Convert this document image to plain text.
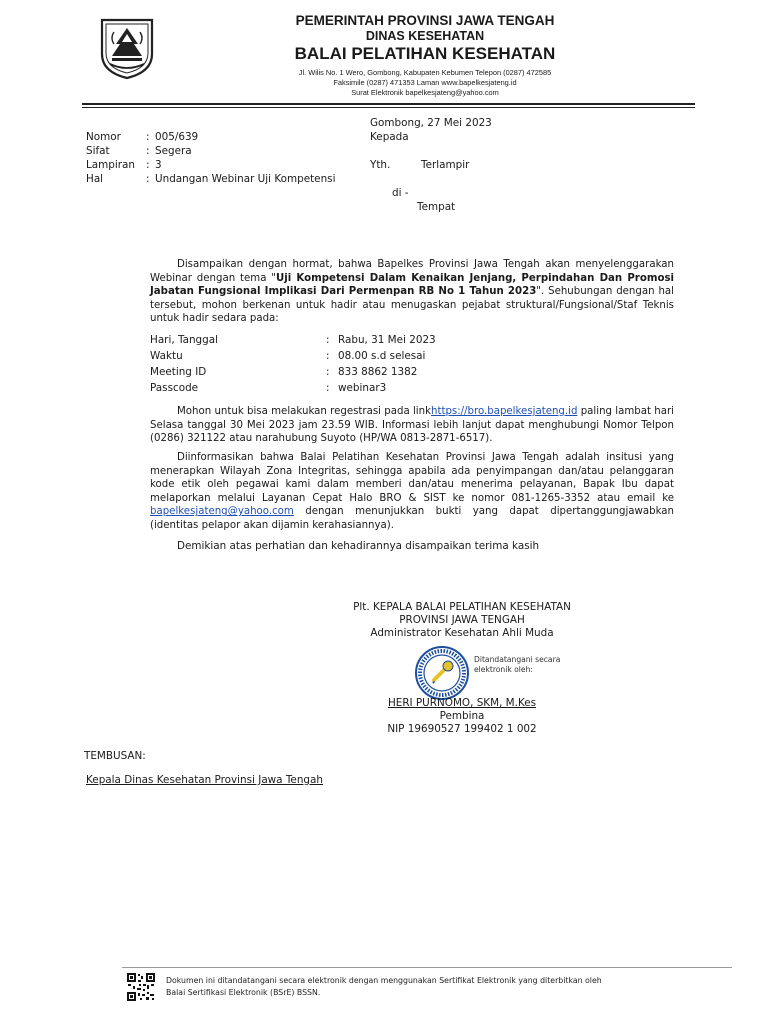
PEMERINTAH PROVINSI JAWA TENGAH
DINAS KESEHATAN
BALAI PELATIHAN KESEHATAN
Jl. Wilis No. 1 Wero, Gombong, Kabupaten Kebumen Telepon (0287) 472585
Faksimile (0287) 471353 Laman www.bapelkesjateng.id
Surat Elektronik bapelkesjateng@yahoo.com
Gombong, 27 Mei 2023
Kepada
Yth.	Terlampir
di -
Tempat
Nomor : 005/639
Sifat	: Segera
Lampiran : 3
Hal	: Undangan Webinar Uji Kompetensi
Disampaikan dengan hormat, bahwa Bapelkes Provinsi Jawa Tengah akan menyelenggarakan Webinar dengan tema "Uji Kompetensi Dalam Kenaikan Jenjang, Perpindahan Dan Promosi Jabatan Fungsional Implikasi Dari Permenpan RB No 1 Tahun 2023". Sehubungan dengan hal tersebut, mohon berkenan untuk hadir atau menugaskan pejabat struktural/Fungsional/Staf Teknis untuk hadir sedara pada:
Hari, Tanggal	: Rabu, 31 Mei 2023
Waktu	: 08.00 s.d selesai
Meeting ID	: 833 8862 1382
Passcode	: webinar3
Mohon untuk bisa melakukan regestrasi pada linkhttps://bro.bapelkesjateng.id paling lambat hari Selasa tanggal 30 Mei 2023 jam 23.59 WIB. Informasi lebih lanjut dapat menghubungi Nomor Telpon (0286) 321122 atau narahubung Suyoto (HP/WA 0813-2871-6517).
Diinformasikan bahwa Balai Pelatihan Kesehatan Provinsi Jawa Tengah adalah insitusi yang menerapkan Wilayah Zona Integritas, sehingga apabila ada penyimpangan dan/atau pelanggaran kode etik oleh pegawai kami dalam memberi dan/atau menerima pelayanan, Bapak Ibu dapat melaporkan melalui Layanan Cepat Halo BRO & SIST ke nomor 081-1265-3352 atau email ke bapelkesjateng@yahoo.com dengan menunjukkan bukti yang dapat dipertanggungjawabkan (identitas pelapor akan dijamin kerahasiannya).
Demikian atas perhatian dan kehadirannya disampaikan terima kasih
Plt. KEPALA BALAI PELATIHAN KESEHATAN
PROVINSI JAWA TENGAH
Administrator Kesehatan Ahli Muda
Ditandatangani secara elektronik oleh:
HERI PURNOMO, SKM, M.Kes
Pembina
NIP 19690527 199402 1 002
TEMBUSAN:
Kepala Dinas Kesehatan Provinsi Jawa Tengah
Dokumen ini ditandatangani secara elektronik dengan menggunakan Sertifikat Elektronik yang diterbitkan oleh
Balai Sertifikasi Elektronik (BSrE) BSSN.
